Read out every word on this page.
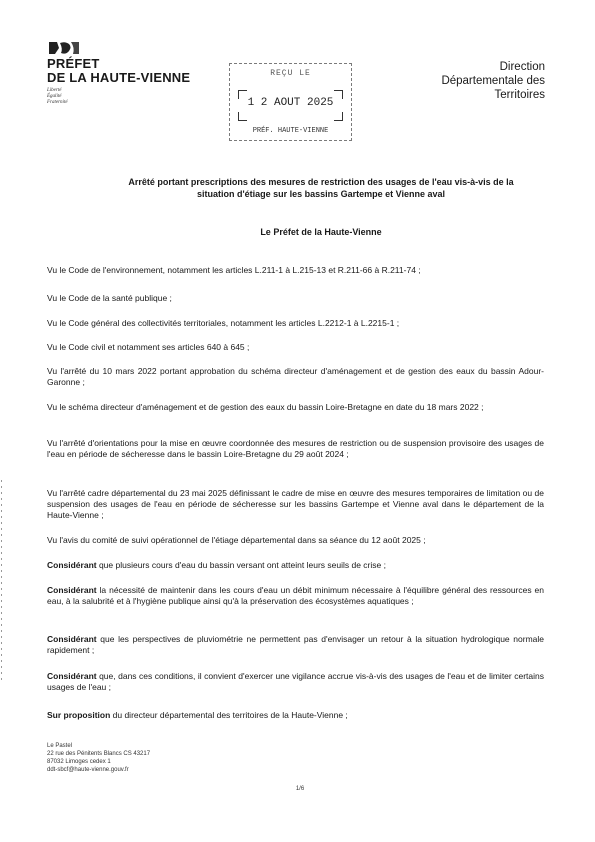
PRÉFET
DE LA HAUTE-VIENNE
Liberté
Égalité
Fraternité
Direction
Départementale des
Territoires
REÇU LE
1 2 AOUT 2025
PRÉF. HAUTE-VIENNE
Arrêté portant prescriptions des mesures de restriction des usages de l'eau vis-à-vis de la
situation d'étiage sur les bassins Gartempe et Vienne aval
Le Préfet de la Haute-Vienne
Vu le Code de l'environnement, notamment les articles L.211-1 à L.215-13 et R.211-66 à R.211-74 ;
Vu le Code de la santé publique ;
Vu le Code général des collectivités territoriales, notamment les articles L.2212-1 à L.2215-1 ;
Vu le Code civil et notamment ses articles 640 à 645 ;
Vu l'arrêté du 10 mars 2022 portant approbation du schéma directeur d'aménagement et de gestion des eaux du bassin Adour-Garonne ;
Vu le schéma directeur d'aménagement et de gestion des eaux du bassin Loire-Bretagne en date du 18 mars 2022 ;
Vu l'arrêté d'orientations pour la mise en œuvre coordonnée des mesures de restriction ou de suspension provisoire des usages de l'eau en période de sécheresse dans le bassin Loire-Bretagne du 29 août 2024 ;
Vu l'arrêté cadre départemental du 23 mai 2025 définissant le cadre de mise en œuvre des mesures temporaires de limitation ou de suspension des usages de l'eau en période de sécheresse sur les bassins Gartempe et Vienne aval dans le département de la Haute-Vienne ;
Vu l'avis du comité de suivi opérationnel de l'étiage départemental dans sa séance du 12 août 2025 ;
Considérant que plusieurs cours d'eau du bassin versant ont atteint leurs seuils de crise ;
Considérant la nécessité de maintenir dans les cours d'eau un débit minimum nécessaire à l'équilibre général des ressources en eau, à la salubrité et à l'hygiène publique ainsi qu'à la préservation des écosystèmes aquatiques ;
Considérant que les perspectives de pluviométrie ne permettent pas d'envisager un retour à la situation hydrologique normale rapidement ;
Considérant que, dans ces conditions, il convient d'exercer une vigilance accrue vis-à-vis des usages de l'eau et de limiter certains usages de l'eau ;
Sur proposition du directeur départemental des territoires de la Haute-Vienne ;
Le Pastel
22 rue des Pénitents Blancs CS 43217
87032 Limoges cedex 1
ddt-sbcf@haute-vienne.gouv.fr
1/6
